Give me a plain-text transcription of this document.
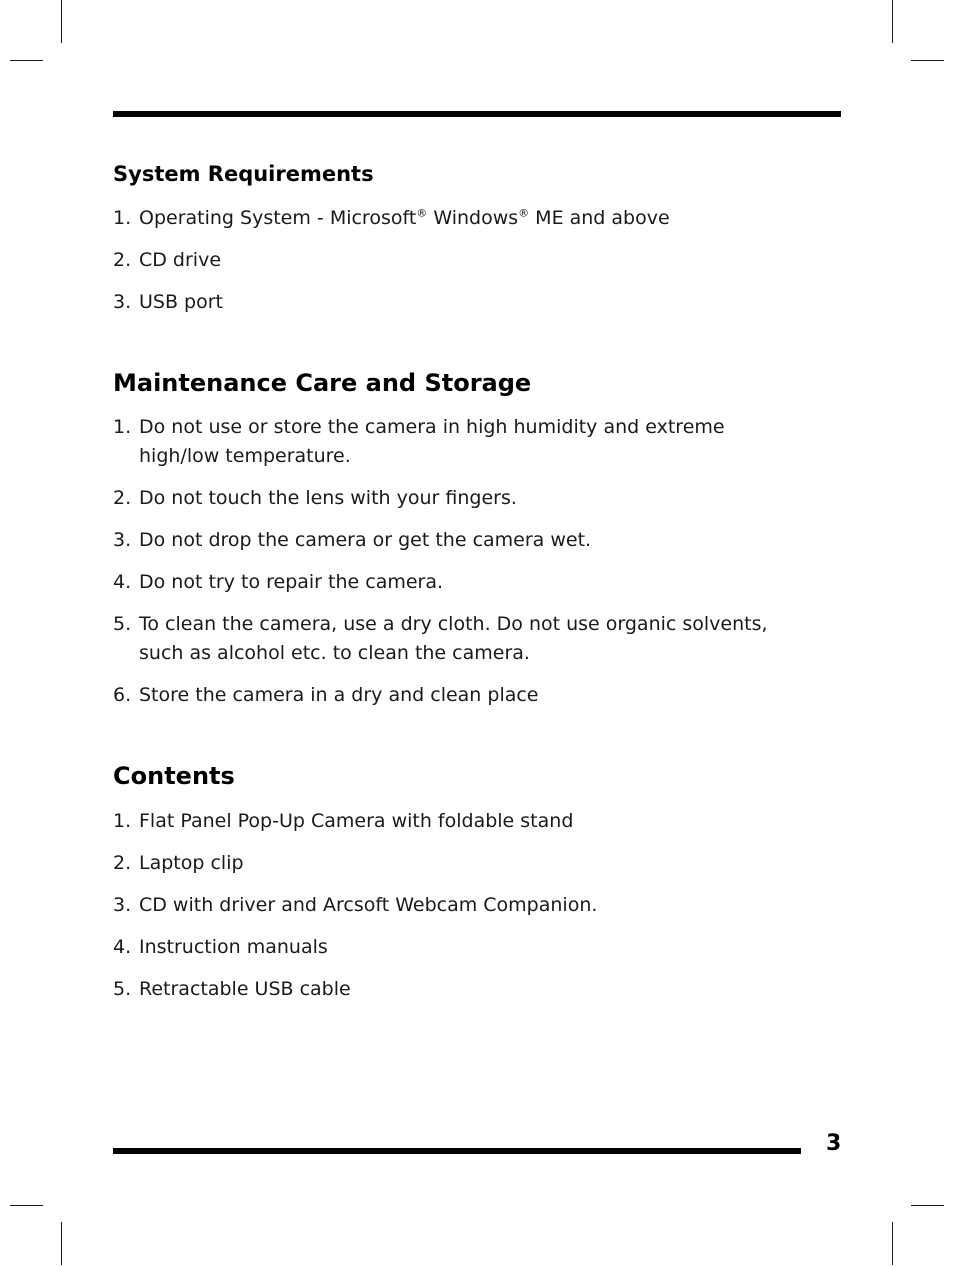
System Requirements
1. Operating System - Microsoft® Windows® ME and above
2. CD drive
3. USB port
Maintenance Care and Storage
1. Do not use or store the camera in high humidity and extreme high/low temperature.
2. Do not touch the lens with your fingers.
3. Do not drop the camera or get the camera wet.
4. Do not try to repair the camera.
5. To clean the camera, use a dry cloth. Do not use organic solvents, such as alcohol etc. to clean the camera.
6. Store the camera in a dry and clean place
Contents
1. Flat Panel Pop-Up Camera with foldable stand
2. Laptop clip
3. CD with driver and Arcsoft Webcam Companion.
4. Instruction manuals
5. Retractable USB cable
3
